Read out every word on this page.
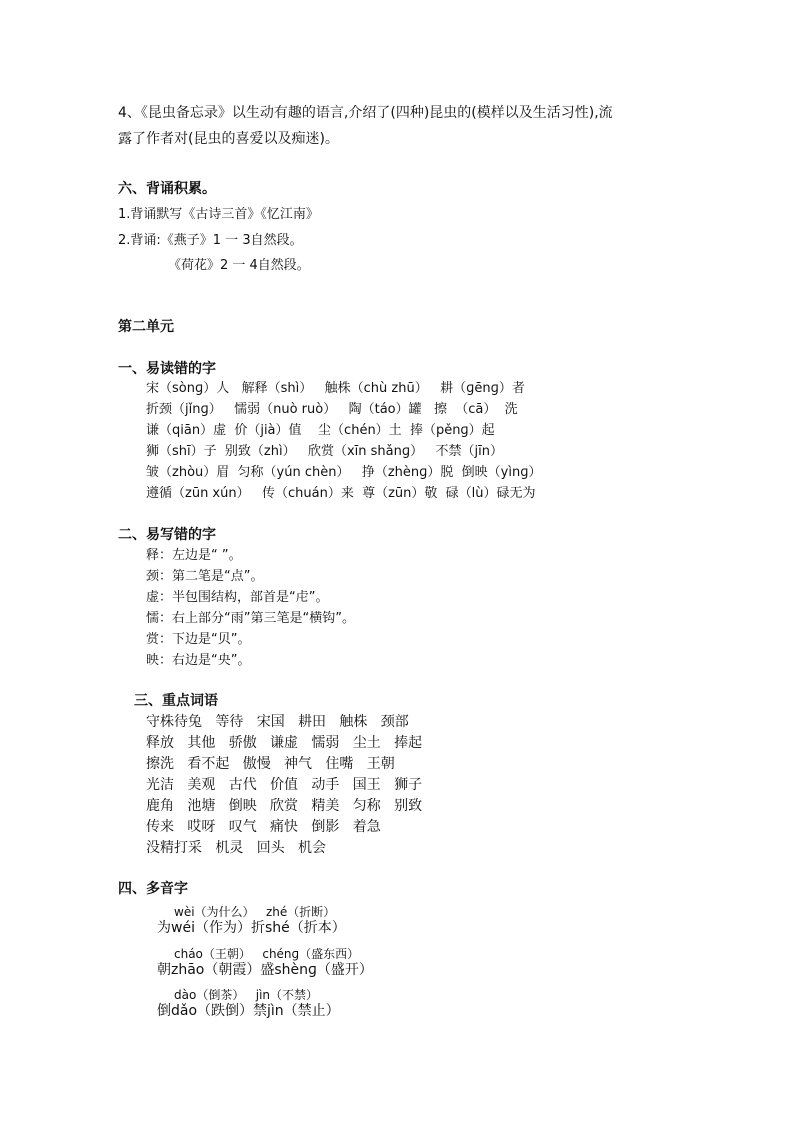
4、《昆虫备忘录》以生动有趣的语言,介绍了(四种)昆虫的(模样以及生活习性),流
露了作者对(昆虫的喜爱以及痴迷)。
六、背诵积累。
1.背诵默写《古诗三首》《忆江南》
2.背诵:《燕子》1 一 3自然段。
《荷花》2 一 4自然段。
第二单元
一、易读错的字
宋（sònɡ）人   解释（shì）   触株（chù zhū）   耕（ɡēnɡ）者
折颈（jǐnɡ）   懦弱（nuò ruò）   陶（táo）罐   擦  （cā）  洗
谦（qiān）虚  价（jià）值    尘（chén）土  捧（pěnɡ）起
狮（shī）子  别致（zhì）   欣赏（xīn shǎnɡ）   不禁（jīn）
皱（zhòu）眉  匀称（yún chèn）   挣（zhènɡ）脱  倒映（yìnɡ）
遵循（zūn xún）   传（chuán）来  尊（zūn）敬  碌（lù）碌无为
二、易写错的字
释：左边是“ ”。
颈：第二笔是“点”。
虚：半包围结构，部首是“虍”。
懦：右上部分“雨”第三笔是“横钩”。
赏：下边是“贝”。
映：右边是“央”。
三、重点词语
守株待兔   等待   宋国   耕田   触株   颈部
释放   其他   骄傲   谦虚   懦弱   尘土   捧起
擦洗   看不起   傲慢   神气   住嘴   王朝
光洁   美观   古代   价值   动手   国王   狮子
鹿角   池塘   倒映   欣赏   精美   匀称   别致
传来   哎呀   叹气   痛快   倒影   着急
没精打采   机灵   回头   机会
四、多音字
wèi（为什么）   zhé（折断）
为wéi（作为）折shé（折本）
cháo（王朝）   chénɡ（盛东西）
朝zhāo（朝霞）盛shènɡ（盛开）
dào（倒茶）   jìn（不禁）
倒dǎo（跌倒）禁jìn（禁止）
